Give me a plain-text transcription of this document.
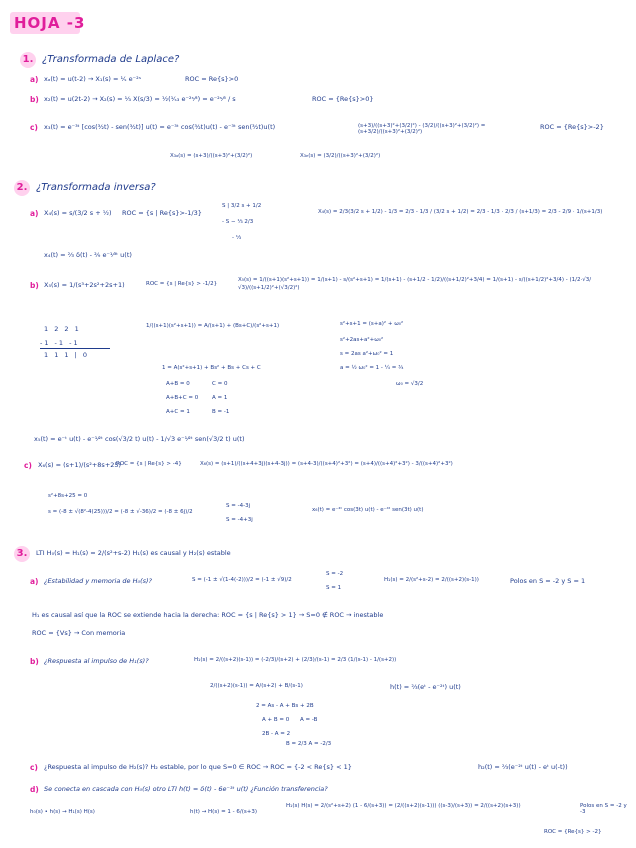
HOJA -3
1. ¿Transformada de Laplace?
a) xₐ(t) = u(t-2) → X₁(s) = ¹⁄ₛ e⁻²ˢ	ROC = Re{s}>0
b) x₂(t) = u(2t-2) → X₂(s) = ¹⁄₃ X(s/3) = ½(¹⁄ₛ₃ e⁻²ˢ⁄³) = e⁻²ˢ⁄³ / s	ROC = {Re{s}>0}
c) x₃(t) = e⁻³ᵗ [cos(³⁄₂t) - sen(³⁄₂t)] u(t) = e⁻³ᵗ cos(³⁄₂t)u(t) - e⁻³ᵗ sen(³⁄₂t)u(t)	(s+3)/((s+3)²+(3/2)²) - (3/2)/((s+3)²+(3/2)²) = (s+3/2)/((s+3)²+(3/2)²)
ROC = {Re{s}>-2}
X₃ₐ(s) = (s+3)/((s+3)²+(3/2)²)	X₃ₑ(s) = (3/2)/((s+3)²+(3/2)²)
2. ¿Transformada inversa?
a) X₄(s) = s/(3/2 s + ½) ROC = {s | Re{s}>-1/3}
S | 3/2 s + 1/2
- S − ¹⁄₃ 2/3
- ¹⁄₃
X₄(s) = 2/3(3/2 s + 1/2) - 1/3 = 2/3 - 1/3 / (3/2 s + 1/2) = 2/3 - 1/3 · 2/3 / (s+1/3) = 2/3 - 2/9 · 1/(s+1/3)
x₄(t) = ⅔ δ(t) - ²⁄₉ e⁻¹⁄³ᵗ u(t)
b) X₅(s) = 1/(s³+2s²+2s+1)	ROC = {s | Re{s} > -1/2}
X₅(s) = 1/((s+1)(s²+s+1)) = 1/(s+1) - s/(s²+s+1) = 1/(s+1) - (s+1/2 - 1/2)/((s+1/2)²+3/4) = 1/(s+1) - s/((s+1/2)²+3/4) - (1/2·√3/√3)/((s+1/2)²+(√3/2)²)
1 2 2 1
-1 -1 -1
1 1 1 | 0
1/((s+1)(s²+s+1)) = A/(s+1) + (Bs+C)/(s²+s+1)
1 = A(s²+s+1) + Bs² + Bs + Cs + C
A+B = 0
A+B+C = 0
A+C = 1
C = 0
A = 1
B = -1
s²+s+1 = (s+a)² + ω₀²
s²+2as+a²+ω₀²
s = 2as a²+ω₀² = 1
a = ½ ω₀² = 1 - ¼ = ¾
ω₀ = √3/2
x₅(t) = e⁻ᵗ u(t) - e⁻¹⁄²ᵗ cos(√3/2 t) u(t) - 1/√3 e⁻¹⁄²ᵗ sen(√3/2 t) u(t)
c) X₆(s) = (s+1)/(s²+8s+25)
ROC = {s | Re{s} > -4}	X₆(s) = (s+1)/((s+4+3j)(s+4-3j)) = (s+4-3)/((s+4)²+3²) = (s+4)/((s+4)²+3²) - 3/((s+4)²+3²)
s²+8s+25 = 0
s = (-8 ± √(8²-4(25)))/2 = (-8 ± √-36)/2 = (-8 ± 6j)/2
S = -4-3j
S = -4+3j
x₆(t) = e⁻⁴ᵗ cos(3t) u(t) - e⁻⁴ᵗ sen(3t) u(t)
3.	LTI H₀(s) = H₁(s) = 2/(s²+s-2) H₁(s) es causal y H₂(s) estable
a) ¿Estabilidad y memoria de H₀(s)?	S = (-1 ± √(1-4(-2)))/2 = (-1 ± √9)/2
S = -2
S = 1
H₁(s) = 2/(s²+s-2) = 2/((s+2)(s-1))	Polos en S = -2 y S = 1
H₁ es causal así que la ROC se extiende hacia la derecha: ROC = {s | Re{s} > 1} → S=0 ∉ ROC → inestable
ROC = {Vs} → Con memoria
b) ¿Respuesta al impulso de H₁(s)?	H₁(s) = 2/((s+2)(s-1)) = (-2/3)/(s+2) + (2/3)/(s-1) = 2/3 (1/(s-1) - 1/(s+2))
2/((s+2)(s-1)) = A/(s+2) + B/(s-1)	h(t) = ⅔(eᵗ - e⁻²ᵗ) u(t)
2 = As - A + Bs + 2B
A + B = 0
2B - A = 2
A = -B
B = 2/3 A = -2/3
c) ¿Respuesta al impulso de H₂(s)? H₂ estable, por lo que S=0 ∈ ROC → ROC = {-2 < Re{s} < 1}	h₂(t) = ⅔(e⁻²ᵗ u(t) - eᵗ u(-t))
d) Se conecta en cascada con H₀(s) otro LTI h(t) = δ(t) - 6e⁻³ᵗ u(t) ¿Función transferencia?
h₀(s) • h(s) → H₁(s) H(s)	h(t) → H(s) = 1 - 6/(s+3)
H₁(s) H(s) = 2/(s²+s+2) (1 - 6/(s+3)) = (2/((s+2)(s-1))) ((s-3)/(s+3)) = 2/((s+2)(s+3))	Polos en S = -2 y -3
ROC = {Re{s} > -2}
